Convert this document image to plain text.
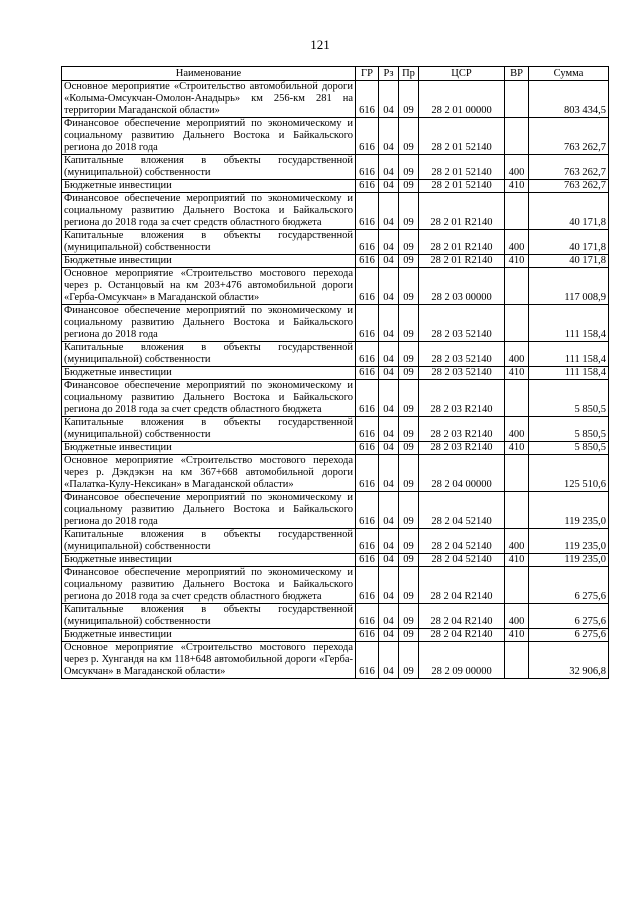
121
Наименование	ГР	Рз	Пр	ЦСР	ВР	Сумма
Основное мероприятие «Строительство автомобильной дороги «Колыма-Омсукчан-Омолон-Анадырь» км 256-км 281 на территории Магаданской области»	616	04	09	28 2 01 00000		803 434,5
Финансовое обеспечение мероприятий по экономическому и социальному развитию Дальнего Востока и Байкальского региона до 2018 года	616	04	09	28 2 01 52140		763 262,7
Капитальные вложения в объекты государственной (муниципальной) собственности	616	04	09	28 2 01 52140	400	763 262,7
Бюджетные инвестиции	616	04	09	28 2 01 52140	410	763 262,7
Финансовое обеспечение мероприятий по экономическому и социальному развитию Дальнего Востока и Байкальского региона до 2018 года за счет средств областного бюджета	616	04	09	28 2 01 R2140		40 171,8
Капитальные вложения в объекты государственной (муниципальной) собственности	616	04	09	28 2 01 R2140	400	40 171,8
Бюджетные инвестиции	616	04	09	28 2 01 R2140	410	40 171,8
Основное мероприятие «Строительство мостового перехода через р. Останцовый на км 203+476 автомобильной дороги «Герба-Омсукчан» в Магаданской области»	616	04	09	28 2 03 00000		117 008,9
Финансовое обеспечение мероприятий по экономическому и социальному развитию Дальнего Востока и Байкальского региона до 2018 года	616	04	09	28 2 03 52140		111 158,4
Капитальные вложения в объекты государственной (муниципальной) собственности	616	04	09	28 2 03 52140	400	111 158,4
Бюджетные инвестиции	616	04	09	28 2 03 52140	410	111 158,4
Финансовое обеспечение мероприятий по экономическому и социальному развитию Дальнего Востока и Байкальского региона до 2018 года за счет средств областного бюджета	616	04	09	28 2 03 R2140		5 850,5
Капитальные вложения в объекты государственной (муниципальной) собственности	616	04	09	28 2 03 R2140	400	5 850,5
Бюджетные инвестиции	616	04	09	28 2 03 R2140	410	5 850,5
Основное мероприятие «Строительство мостового перехода через р. Дэкдэкэн на км 367+668 автомобильной дороги «Палатка-Кулу-Нексикан» в Магаданской области»	616	04	09	28 2 04 00000		125 510,6
Финансовое обеспечение мероприятий по экономическому и социальному развитию Дальнего Востока и Байкальского региона до 2018 года	616	04	09	28 2 04 52140		119 235,0
Капитальные вложения в объекты государственной (муниципальной) собственности	616	04	09	28 2 04 52140	400	119 235,0
Бюджетные инвестиции	616	04	09	28 2 04 52140	410	119 235,0
Финансовое обеспечение мероприятий по экономическому и социальному развитию Дальнего Востока и Байкальского региона до 2018 года за счет средств областного бюджета	616	04	09	28 2 04 R2140		6 275,6
Капитальные вложения в объекты государственной (муниципальной) собственности	616	04	09	28 2 04 R2140	400	6 275,6
Бюджетные инвестиции	616	04	09	28 2 04 R2140	410	6 275,6
Основное мероприятие «Строительство мостового перехода через р. Хунгандя на км 118+648 автомобильной дороги «Герба-Омсукчан» в Магаданской области»	616	04	09	28 2 09 00000		32 906,8
